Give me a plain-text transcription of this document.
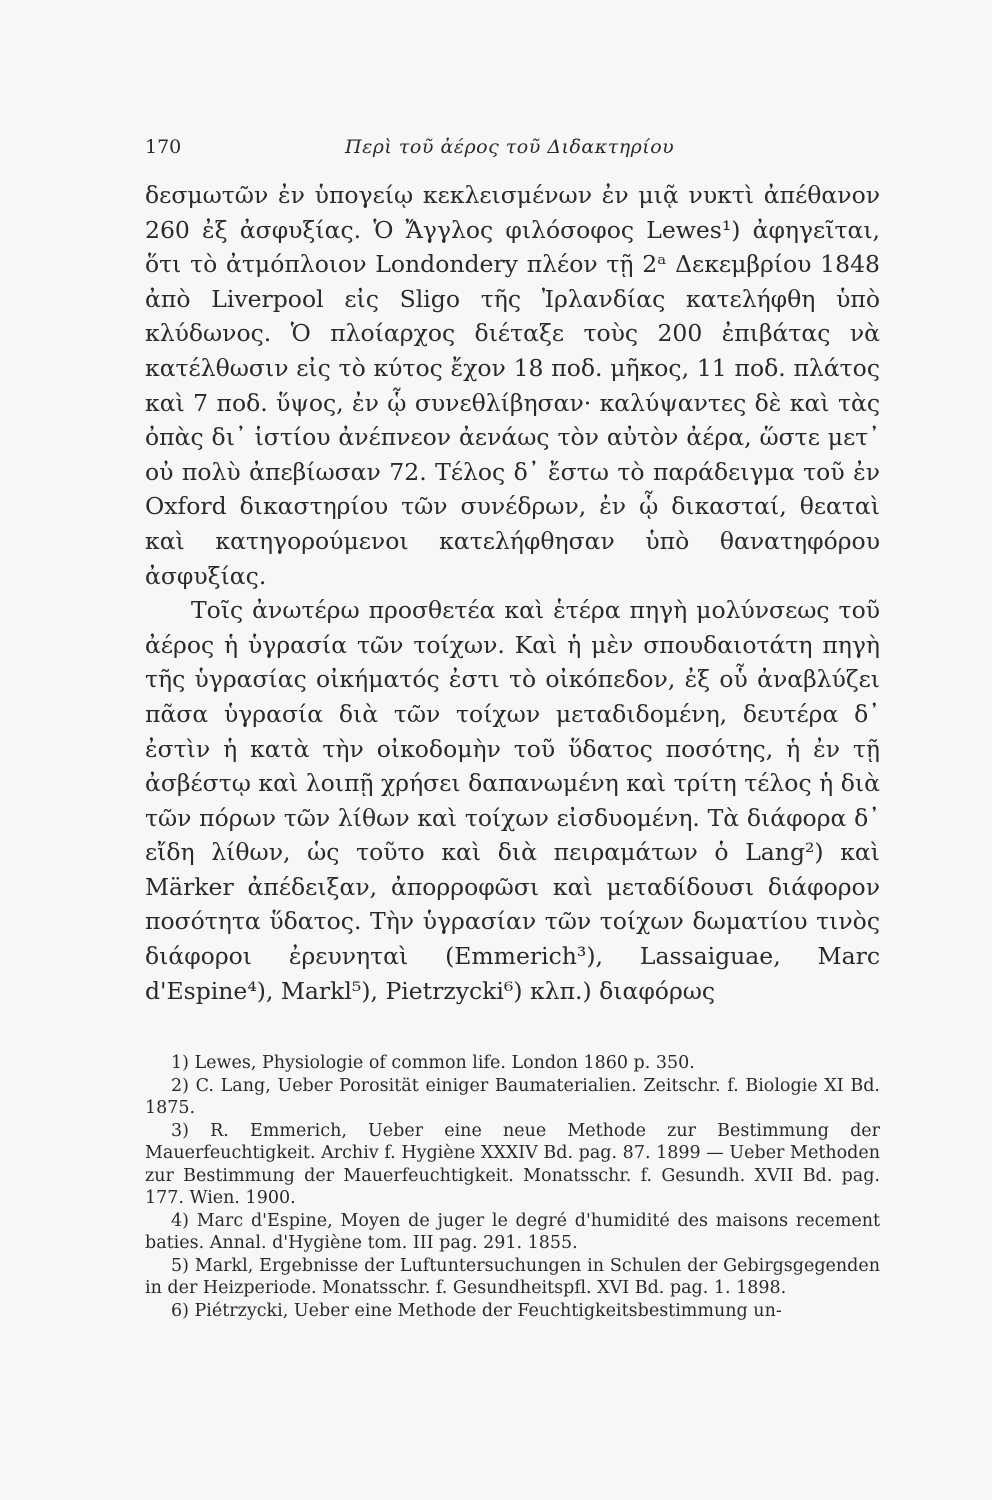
170	Περὶ τοῦ ἀέρος τοῦ Διδακτηρίου

δεσμωτῶν ἐν ὑπογείῳ κεκλεισμένων ἐν μιᾷ νυκτὶ ἀπέθανον 260 ἐξ ἀσφυξίας. Ὁ Ἄγγλος φιλόσοφος Lewes¹) ἀφηγεῖται, ὅτι τὸ ἀτμόπλοιον Londondery πλέον τῇ 2ᵃ Δεκεμβρίου 1848 ἀπὸ Liverpool εἰς Sligo τῆς Ἰρλανδίας κατελήφθη ὑπὸ κλύδωνος. Ὁ πλοίαρχος διέταξε τοὺς 200 ἐπιβάτας νὰ κατέλθωσιν εἰς τὸ κύτος ἔχον 18 ποδ. μῆκος, 11 ποδ. πλάτος καὶ 7 ποδ. ὕψος, ἐν ᾧ συνεθλίβησαν· καλύψαντες δὲ καὶ τὰς ὀπὰς δι᾽ ἱστίου ἀνέπνεον ἀενάως τὸν αὐτὸν ἀέρα, ὥστε μετ᾽ οὐ πολὺ ἀπεβίωσαν 72. Τέλος δ᾽ ἔστω τὸ παράδειγμα τοῦ ἐν Oxford δικαστηρίου τῶν συνέδρων, ἐν ᾧ δικασταί, θεαταὶ καὶ κατηγορούμενοι κατελήφθησαν ὑπὸ θανατηφόρου ἀσφυξίας.

Τοῖς ἀνωτέρω προσθετέα καὶ ἑτέρα πηγὴ μολύνσεως τοῦ ἀέρος ἡ ὑγρασία τῶν τοίχων. Καὶ ἡ μὲν σπουδαιοτάτη πηγὴ τῆς ὑγρασίας οἰκήματός ἐστι τὸ οἰκόπεδον, ἐξ οὗ ἀναβλύζει πᾶσα ὑγρασία διὰ τῶν τοίχων μεταδιδομένη, δευτέρα δ᾽ ἐστὶν ἡ κατὰ τὴν οἰκοδομὴν τοῦ ὕδατος ποσότης, ἡ ἐν τῇ ἀσβέστῳ καὶ λοιπῇ χρήσει δαπανωμένη καὶ τρίτη τέλος ἡ διὰ τῶν πόρων τῶν λίθων καὶ τοίχων εἰσδυομένη. Τὰ διάφορα δ᾽ εἴδη λίθων, ὡς τοῦτο καὶ διὰ πειραμάτων ὁ Lang²) καὶ Märker ἀπέδειξαν, ἀπορροφῶσι καὶ μεταδίδουσι διάφορον ποσότητα ὕδατος. Τὴν ὑγρασίαν τῶν τοίχων δωματίου τινὸς διάφοροι ἐρευνηταὶ (Emmerich³), Lassaiguae, Marc d'Espine⁴), Markl⁵), Pietrzycki⁶) κλπ.) διαφόρως

1) Lewes, Physiologie of common life. London 1860 p. 350.

2) C. Lang, Ueber Porosität einiger Baumaterialien. Zeitschr. f. Biologie XI Bd. 1875.

3) R. Emmerich, Ueber eine neue Methode zur Bestimmung der Mauerfeuchtigkeit. Archiv f. Hygiène XXXIV Bd. pag. 87. 1899 — Ueber Methoden zur Bestimmung der Mauerfeuchtigkeit. Monatsschr. f. Gesundh. XVII Bd. pag. 177. Wien. 1900.

4) Marc d'Espine, Moyen de juger le degré d'humidité des maisons recement baties. Annal. d'Hygiène tom. III pag. 291. 1855.

5) Markl, Ergebnisse der Luftuntersuchungen in Schulen der Gebirgsgegenden in der Heizperiode. Monatsschr. f. Gesundheitspfl. XVI Bd. pag. 1. 1898.

6) Piétrzycki, Ueber eine Methode der Feuchtigkeitsbestimmung un-
